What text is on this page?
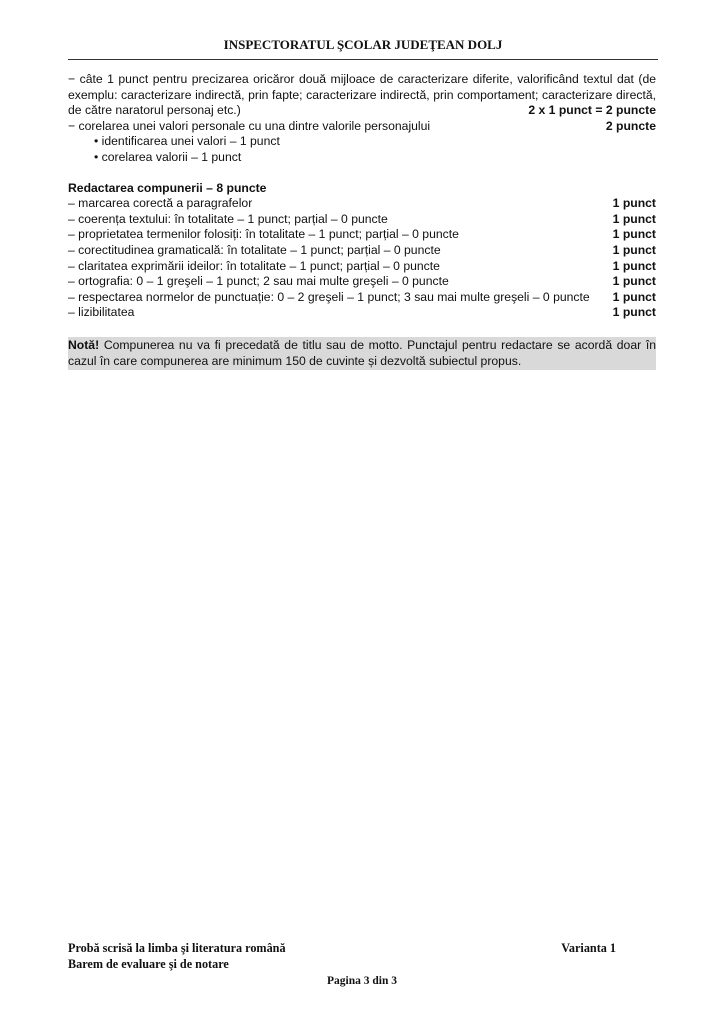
INSPECTORATUL ŞCOLAR JUDEŢEAN DOLJ
− câte 1 punct pentru precizarea oricăror două mijloace de caracterizare diferite, valorificând textul dat (de exemplu: caracterizare indirectă, prin fapte; caracterizare indirectă, prin comportament; caracterizare directă, de către naratorul personaj etc.)	2 x 1 punct = 2 puncte
− corelarea unei valori personale cu una dintre valorile personajului	2 puncte
• identificarea unei valori – 1 punct
• corelarea valorii – 1 punct
Redactarea compunerii – 8 puncte
– marcarea corectă a paragrafelor	1 punct
– coerența textului: în totalitate – 1 punct; parțial – 0 puncte	1 punct
– proprietatea termenilor folosiți: în totalitate – 1 punct; parțial – 0 puncte	1 punct
– corectitudinea gramaticală: în totalitate – 1 punct; parțial – 0 puncte	1 punct
– claritatea exprimării ideilor: în totalitate – 1 punct; parțial – 0 puncte	1 punct
– ortografia: 0 – 1 greşeli – 1 punct; 2 sau mai multe greşeli – 0 puncte	1 punct
– respectarea normelor de punctuație: 0 – 2 greşeli – 1 punct; 3 sau mai multe greşeli – 0 puncte 1 punct
– lizibilitatea	1 punct
Notă! Compunerea nu va fi precedată de titlu sau de motto. Punctajul pentru redactare se acordă doar în cazul în care compunerea are minimum 150 de cuvinte și dezvoltă subiectul propus.
Probă scrisă la limba şi literatura română	Varianta 1
Barem de evaluare şi de notare
Pagina 3 din 3
